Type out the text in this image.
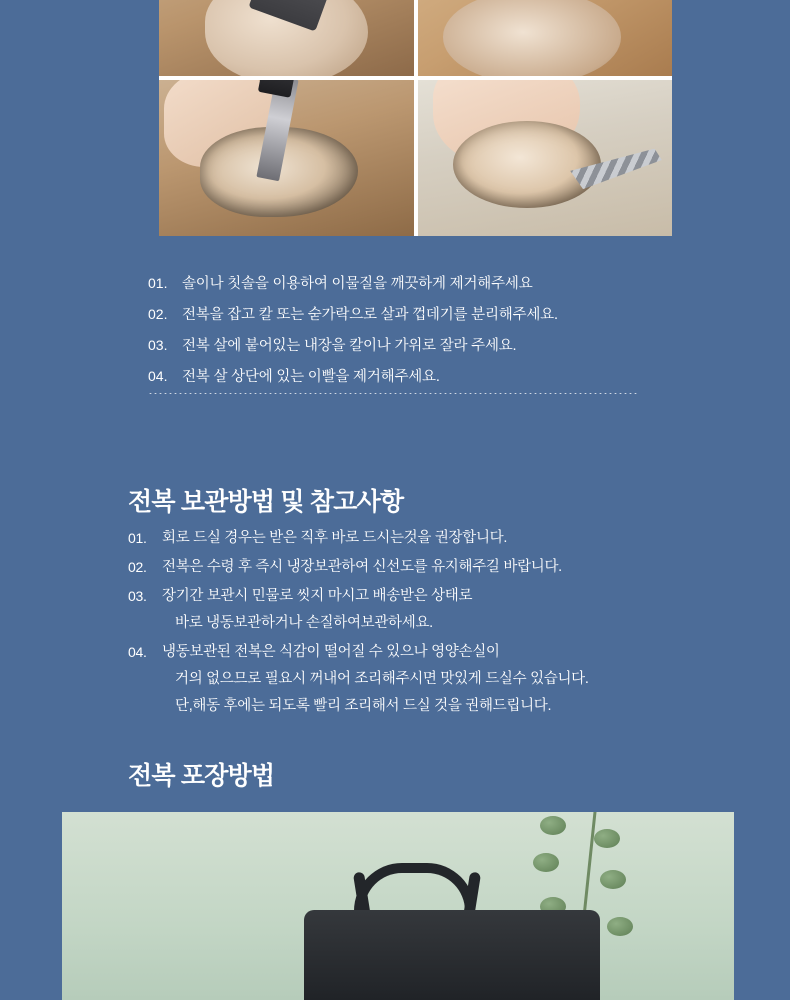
01.	솔이나 칫솔을 이용하여 이물질을 깨끗하게 제거해주세요
02.	전복을 잡고 칼 또는 숟가락으로 살과 껍데기를 분리해주세요.
03.	전복 살에 붙어있는 내장을 칼이나 가위로 잘라 주세요.
04.	전복 살 상단에 있는 이빨을 제거해주세요.
전복 보관방법 및 참고사항
01.	회로 드실 경우는 받은 직후 바로 드시는것을 권장합니다.
02.	전복은 수령 후 즉시 냉장보관하여 신선도를 유지해주길 바랍니다.
03.	장기간 보관시 민물로 씻지 마시고 배송받은 상태로
바로 냉동보관하거나 손질하여보관하세요.
04.	냉동보관된 전복은 식감이 떨어질 수 있으나 영양손실이
거의 없으므로 필요시 꺼내어 조리해주시면 맛있게 드실수 있습니다.
단,해동 후에는 되도록 빨리 조리해서 드실 것을 권해드립니다.
전복 포장방법
